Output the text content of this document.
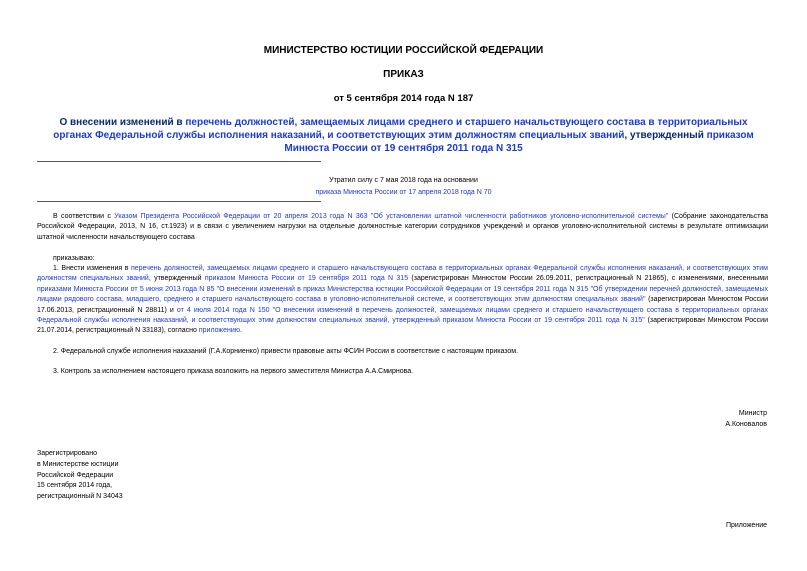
МИНИСТЕРСТВО ЮСТИЦИИ РОССИЙСКОЙ ФЕДЕРАЦИИ
ПРИКАЗ
от 5 сентября 2014 года N 187
О внесении изменений в перечень должностей, замещаемых лицами среднего и старшего начальствующего состава в территориальных органах Федеральной службы исполнения наказаний, и соответствующих этим должностям специальных званий, утвержденный приказом Минюста России от 19 сентября 2011 года N 315
Утратил силу с 7 мая 2018 года на основании
приказа Минюста России от 17 апреля 2018 года N 70
В соответствии с Указом Президента Российской Федерации от 20 апреля 2013 года N 363 "Об установлении штатной численности работников уголовно-исполнительной системы" (Собрание законодательства Российской Федерации, 2013, N 16, ст.1923) и в связи с увеличением нагрузки на отдельные должностные категории сотрудников учреждений и органов уголовно-исполнительной системы в результате оптимизации штатной численности начальствующего состава
приказываю:
1. Внести изменения в перечень должностей, замещаемых лицами среднего и старшего начальствующего состава в территориальных органах Федеральной службы исполнения наказаний, и соответствующих этим должностям специальных званий, утвержденный приказом Минюста России от 19 сентября 2011 года N 315 (зарегистрирован Минюстом России 26.09.2011, регистрационный N 21865), с изменениями, внесенными приказами Минюста России от 5 июня 2013 года N 85 "О внесении изменений в приказ Министерства юстиции Российской Федерации от 19 сентября 2011 года N 315 "Об утверждении перечней должностей, замещаемых лицами рядового состава, младшего, среднего и старшего начальствующего состава в уголовно-исполнительной системе, и соответствующих этим должностям специальных званий" (зарегистрирован Минюстом России 17.06.2013, регистрационный N 28811) и от 4 июля 2014 года N 150 "О внесении изменений в перечень должностей, замещаемых лицами среднего и старшего начальствующего состава в территориальных органах Федеральной службы исполнения наказаний, и соответствующих этим должностям специальных званий, утвержденный приказом Минюста России от 19 сентября 2011 года N 315" (зарегистрирован Минюстом России 21.07.2014, регистрационный N 33183), согласно приложению.
2. Федеральной службе исполнения наказаний (Г.А.Корниенко) привести правовые акты ФСИН России в соответствие с настоящим приказом.
3. Контроль за исполнением настоящего приказа возложить на первого заместителя Министра А.А.Смирнова.
Министр
А.Коновалов
Зарегистрировано
в Министерстве юстиции
Российской Федерации
15 сентября 2014 года,
регистрационный N 34043
Приложение
